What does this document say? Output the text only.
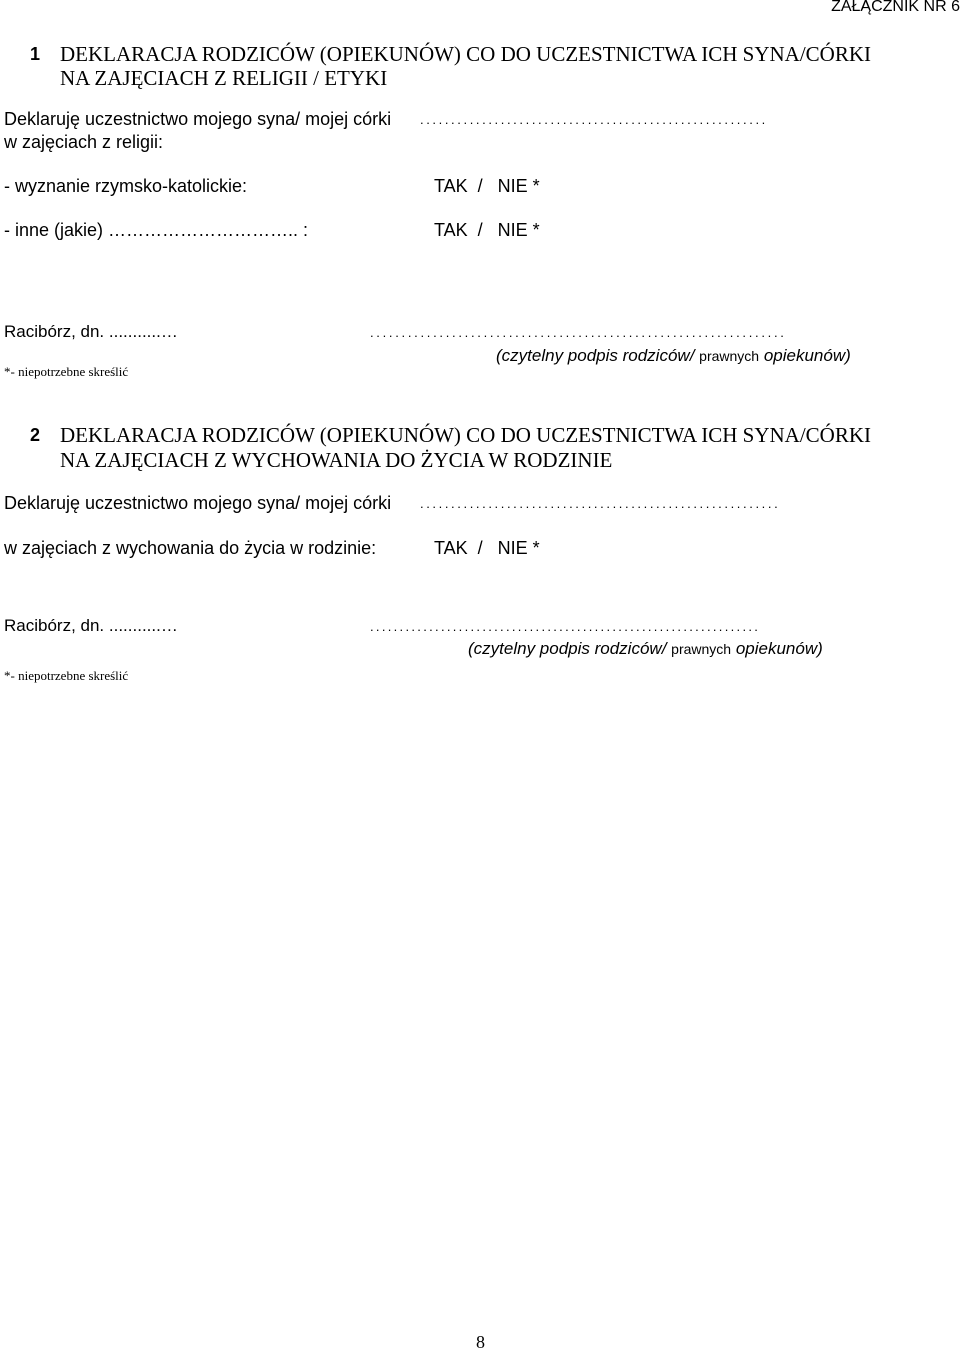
ZAŁĄCZNIK NR 6
1 DEKLARACJA RODZICÓW (OPIEKUNÓW) CO DO UCZESTNICTWA ICH SYNA/CÓRKI
NA ZAJĘCIACH Z RELIGII / ETYKI
Deklaruję uczestnictwo mojego syna/ mojej córki ........................................................
w zajęciach z religii:
- wyznanie rzymsko-katolickie:	TAK  /   NIE *
- inne (jakie) ………………………….. :	TAK  /   NIE *
Racibórz, dn. ...........…	..................................................................
(czytelny podpis rodziców/ prawnych opiekunów)
*- niepotrzebne skreślić
2 DEKLARACJA RODZICÓW (OPIEKUNÓW) CO DO UCZESTNICTWA ICH SYNA/CÓRKI
NA ZAJĘCIACH Z WYCHOWANIA DO ŻYCIA W RODZINIE
Deklaruję uczestnictwo mojego syna/ mojej córki ..........................................................
w zajęciach z wychowania do życia w rodzinie:	TAK  /   NIE *
Racibórz, dn. ...........…	..................................................................
(czytelny podpis rodziców/ prawnych opiekunów)
*- niepotrzebne skreślić
8
